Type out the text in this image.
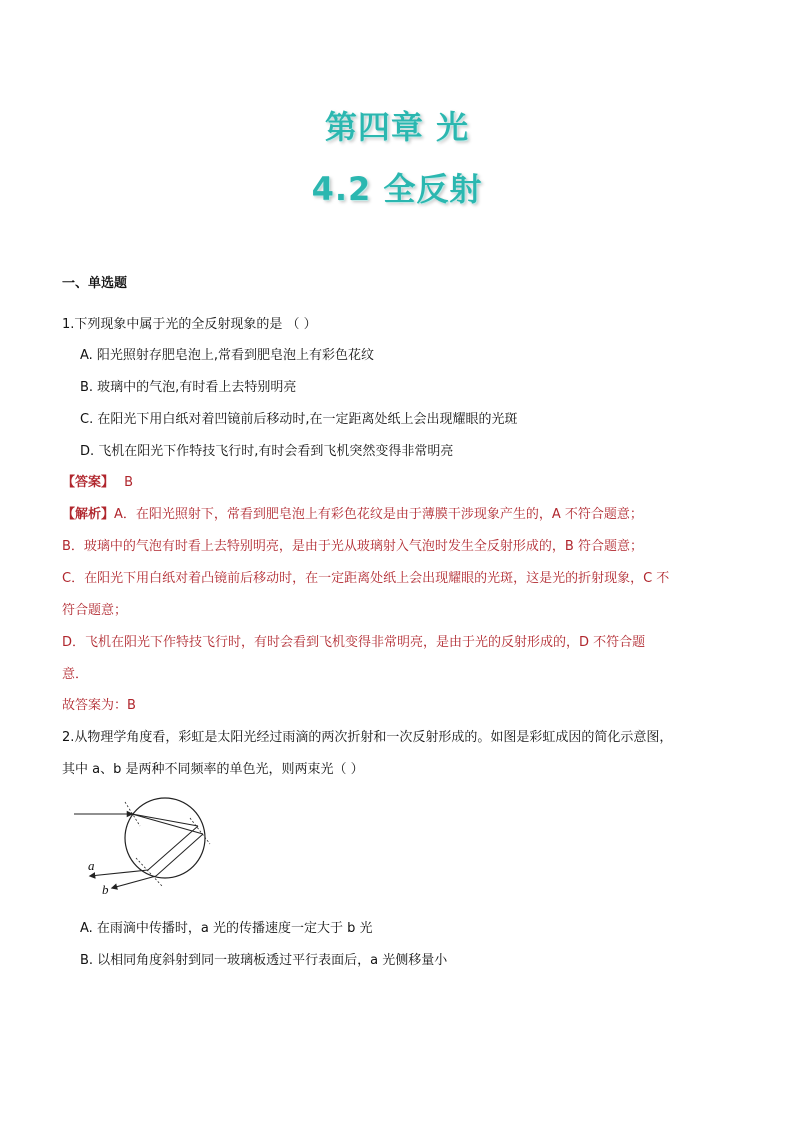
第四章 光
4.2 全反射
一、单选题
1.下列现象中属于光的全反射现象的是 （ ）
A. 阳光照射存肥皂泡上,常看到肥皂泡上有彩色花纹
B. 玻璃中的气泡,有时看上去特别明亮
C. 在阳光下用白纸对着凹镜前后移动时,在一定距离处纸上会出现耀眼的光斑
D. 飞机在阳光下作特技飞行时,有时会看到飞机突然变得非常明亮
【答案】 B
【解析】A．在阳光照射下，常看到肥皂泡上有彩色花纹是由于薄膜干涉现象产生的，A 不符合题意；
B．玻璃中的气泡有时看上去特别明亮，是由于光从玻璃射入气泡时发生全反射形成的，B 符合题意；
C．在阳光下用白纸对着凸镜前后移动时，在一定距离处纸上会出现耀眼的光斑，这是光的折射现象，C 不
符合题意；
D．飞机在阳光下作特技飞行时，有时会看到飞机变得非常明亮，是由于光的反射形成的，D 不符合题
意．
故答案为：B
2.从物理学角度看，彩虹是太阳光经过雨滴的两次折射和一次反射形成的。如图是彩虹成因的简化示意图，
其中 a、b 是两种不同频率的单色光，则两束光（ ）
a
b
A. 在雨滴中传播时，a 光的传播速度一定大于 b 光
B. 以相同角度斜射到同一玻璃板透过平行表面后，a 光侧移量小
